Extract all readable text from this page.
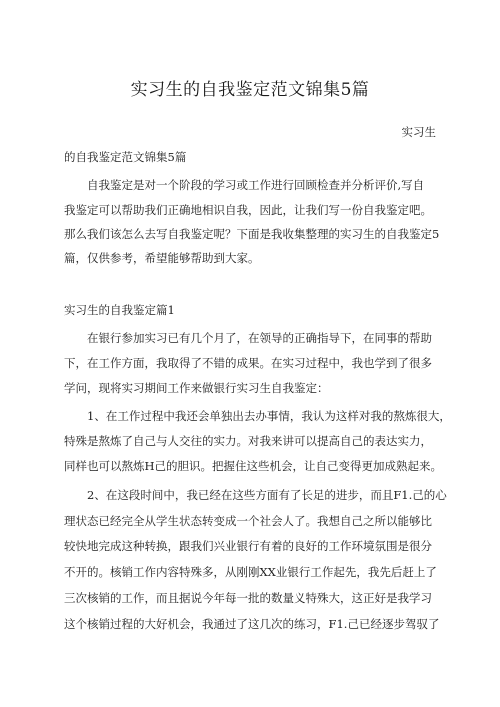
实习生的自我鉴定范文锦集5篇
实习生
的自我鉴定范文锦集5篇
自我鉴定是对一个阶段的学习或工作进行回顾检查并分析评价,写自
我鉴定可以帮助我们正确地相识自我，因此，让我们写一份自我鉴定吧。
那么我们该怎么去写自我鉴定呢？下面是我收集整理的实习生的自我鉴定5
篇，仅供参考，希望能够帮助到大家。
实习生的自我鉴定篇1
在银行参加实习已有几个月了，在领导的正确指导下，在同事的帮助
下，在工作方面，我取得了不错的成果。在实习过程中，我也学到了很多
学问，现将实习期间工作来做银行实习生自我鉴定：
1、在工作过程中我还会单独出去办事情，我认为这样对我的熬炼很大，
特殊是熬炼了自己与人交往的实力。对我来讲可以提高自己的表达实力，
同样也可以熬炼H己的胆识。把握住这些机会，让自己变得更加成熟起来。
2、在这段时间中，我已经在这些方面有了长足的进步，而且F1.己的心
理状态已经完全从学生状态转变成一个社会人了。我想自己之所以能够比
较快地完成这种转换，跟我们兴业银行有着的良好的工作环境氛围是很分
不开的。核销工作内容特殊多，从刚刚XX业银行工作起先，我先后赶上了
三次核销的工作，而且据说今年每一批的数量义特殊大，这正好是我学习
这个核销过程的大好机会，我通过了这几次的练习，F1.己已经逐步驾驭了
